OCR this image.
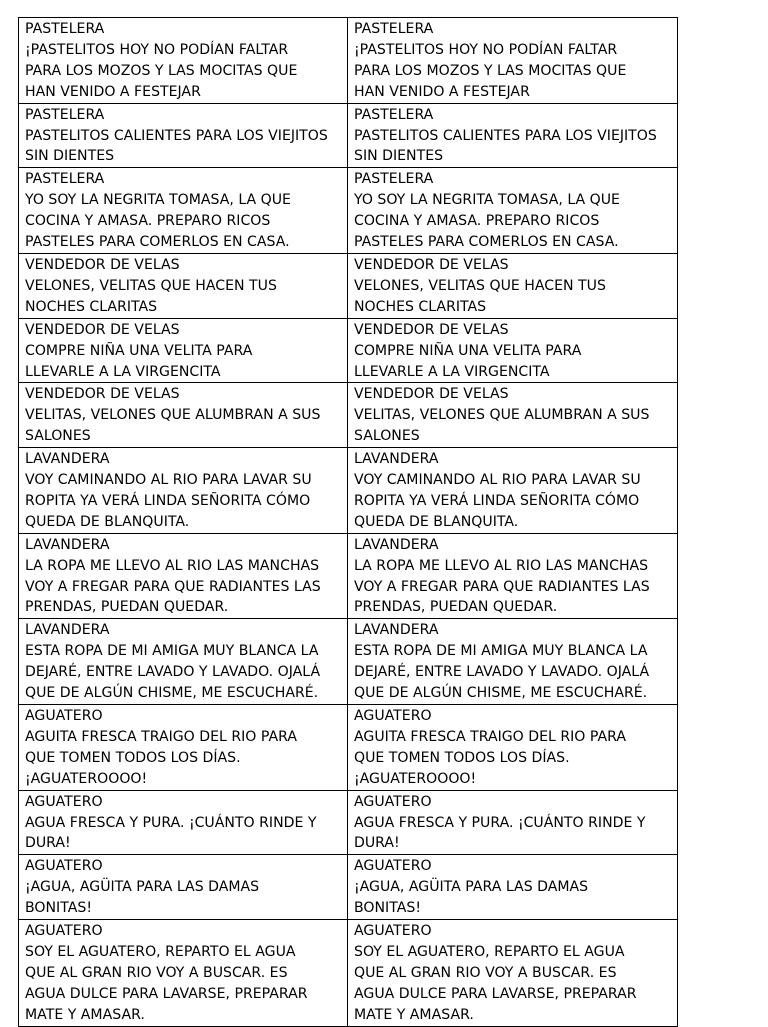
PASTELERA
¡PASTELITOS HOY NO PODÍAN FALTAR
PARA LOS MOZOS Y LAS MOCITAS QUE
HAN VENIDO A FESTEJAR	PASTELERA
¡PASTELITOS HOY NO PODÍAN FALTAR
PARA LOS MOZOS Y LAS MOCITAS QUE
HAN VENIDO A FESTEJAR

PASTELERA
PASTELITOS CALIENTES PARA LOS VIEJITOS
SIN DIENTES	PASTELERA
PASTELITOS CALIENTES PARA LOS VIEJITOS
SIN DIENTES

PASTELERA
YO SOY LA NEGRITA TOMASA, LA QUE
COCINA Y AMASA. PREPARO RICOS
PASTELES PARA COMERLOS EN CASA.	PASTELERA
YO SOY LA NEGRITA TOMASA, LA QUE
COCINA Y AMASA. PREPARO RICOS
PASTELES PARA COMERLOS EN CASA.

VENDEDOR DE VELAS
VELONES, VELITAS QUE HACEN TUS
NOCHES CLARITAS	VENDEDOR DE VELAS
VELONES, VELITAS QUE HACEN TUS
NOCHES CLARITAS

VENDEDOR DE VELAS
COMPRE NIÑA UNA VELITA PARA
LLEVARLE A LA VIRGENCITA	VENDEDOR DE VELAS
COMPRE NIÑA UNA VELITA PARA
LLEVARLE A LA VIRGENCITA

VENDEDOR DE VELAS
VELITAS, VELONES QUE ALUMBRAN A SUS
SALONES	VENDEDOR DE VELAS
VELITAS, VELONES QUE ALUMBRAN A SUS
SALONES

LAVANDERA
VOY CAMINANDO AL RIO PARA LAVAR SU
ROPITA YA VERÁ LINDA SEÑORITA CÓMO
QUEDA DE BLANQUITA.	LAVANDERA
VOY CAMINANDO AL RIO PARA LAVAR SU
ROPITA YA VERÁ LINDA SEÑORITA CÓMO
QUEDA DE BLANQUITA.

LAVANDERA
LA ROPA ME LLEVO AL RIO LAS MANCHAS
VOY A FREGAR PARA QUE RADIANTES LAS
PRENDAS, PUEDAN QUEDAR.	LAVANDERA
LA ROPA ME LLEVO AL RIO LAS MANCHAS
VOY A FREGAR PARA QUE RADIANTES LAS
PRENDAS, PUEDAN QUEDAR.

LAVANDERA
ESTA ROPA DE MI AMIGA MUY BLANCA LA
DEJARÉ, ENTRE LAVADO Y LAVADO. OJALÁ
QUE DE ALGÚN CHISME, ME ESCUCHARÉ.	LAVANDERA
ESTA ROPA DE MI AMIGA MUY BLANCA LA
DEJARÉ, ENTRE LAVADO Y LAVADO. OJALÁ
QUE DE ALGÚN CHISME, ME ESCUCHARÉ.

AGUATERO
AGUITA FRESCA TRAIGO DEL RIO PARA
QUE TOMEN TODOS LOS DÍAS.
¡AGUATEROOOO!	AGUATERO
AGUITA FRESCA TRAIGO DEL RIO PARA
QUE TOMEN TODOS LOS DÍAS.
¡AGUATEROOOO!

AGUATERO
AGUA FRESCA Y PURA. ¡CUÁNTO RINDE Y
DURA!	AGUATERO
AGUA FRESCA Y PURA. ¡CUÁNTO RINDE Y
DURA!

AGUATERO
¡AGUA, AGÜITA PARA LAS DAMAS
BONITAS!	AGUATERO
¡AGUA, AGÜITA PARA LAS DAMAS
BONITAS!

AGUATERO
SOY EL AGUATERO, REPARTO EL AGUA
QUE AL GRAN RIO VOY A BUSCAR. ES
AGUA DULCE PARA LAVARSE, PREPARAR
MATE Y AMASAR.	AGUATERO
SOY EL AGUATERO, REPARTO EL AGUA
QUE AL GRAN RIO VOY A BUSCAR. ES
AGUA DULCE PARA LAVARSE, PREPARAR
MATE Y AMASAR.
